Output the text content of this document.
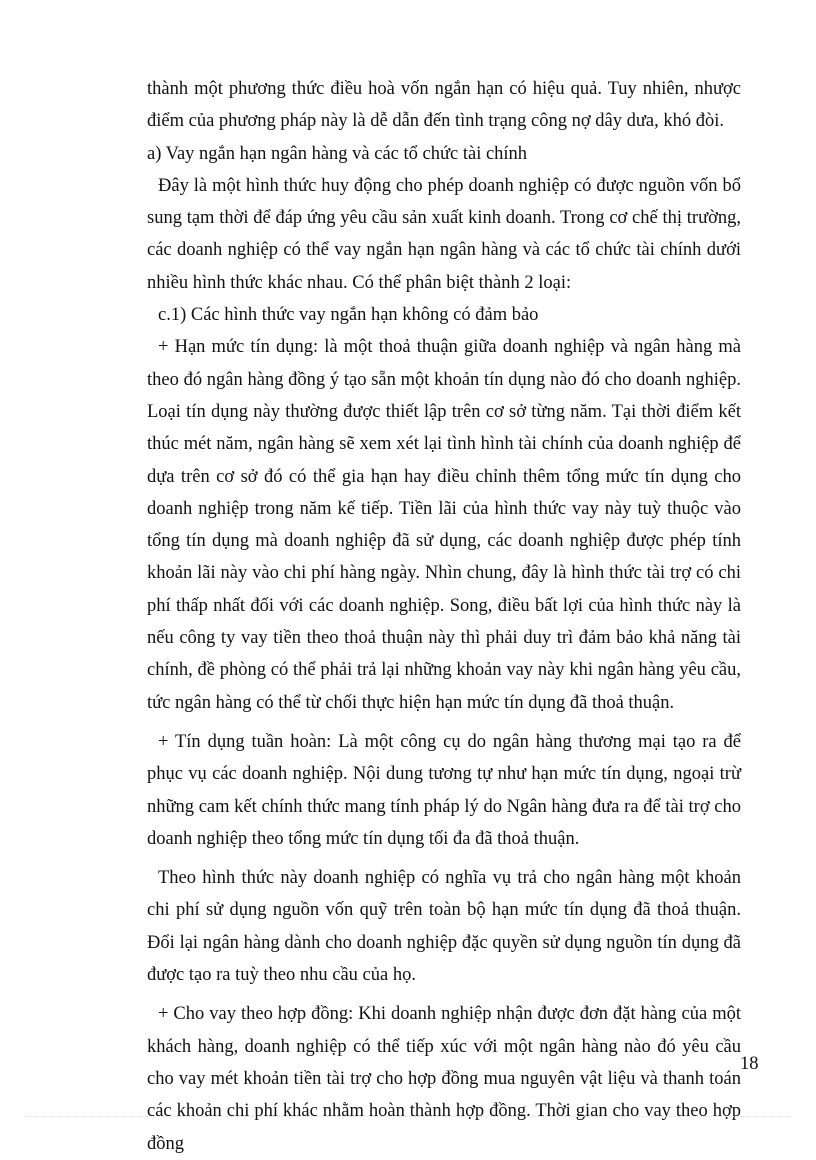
thành một phương thức điều hoà vốn ngắn hạn có hiệu quả. Tuy nhiên, nhược điểm của phương pháp này là dễ dẫn đến tình trạng công nợ dây dưa, khó đòi.

a) Vay ngắn hạn ngân hàng và các tổ chức tài chính

Đây là một hình thức huy động cho phép doanh nghiệp có được nguồn vốn bổ sung tạm thời để đáp ứng yêu cầu sản xuất kinh doanh. Trong cơ chế thị trường, các doanh nghiệp có thể vay ngắn hạn ngân hàng và các tổ chức tài chính dưới nhiều hình thức khác nhau. Có thể phân biệt thành 2 loại:

c.1) Các hình thức vay ngắn hạn không có đảm bảo

+ Hạn mức tín dụng: là một thoả thuận giữa doanh nghiệp và ngân hàng mà theo đó ngân hàng đồng ý tạo sẵn một khoản tín dụng nào đó cho doanh nghiệp. Loại tín dụng này thường được thiết lập trên cơ sở từng năm. Tại thời điểm kết thúc mét năm, ngân hàng sẽ xem xét lại tình hình tài chính của doanh nghiệp để dựa trên cơ sở đó có thể gia hạn hay điều chỉnh thêm tổng mức tín dụng cho doanh nghiệp trong năm kế tiếp. Tiền lãi của hình thức vay này tuỳ thuộc vào tổng tín dụng mà doanh nghiệp đã sử dụng, các doanh nghiệp được phép tính khoản lãi này vào chi phí hàng ngày. Nhìn chung, đây là hình thức tài trợ có chi phí thấp nhất đối với các doanh nghiệp. Song, điều bất lợi của hình thức này là nếu công ty vay tiền theo thoả thuận này thì phải duy trì đảm bảo khả năng tài chính, đề phòng có thể phải trả lại những khoản vay này khi ngân hàng yêu cầu, tức ngân hàng có thể từ chối thực hiện hạn mức tín dụng đã thoả thuận.

+ Tín dụng tuần hoàn: Là một công cụ do ngân hàng thương mại tạo ra để phục vụ các doanh nghiệp. Nội dung tương tự như hạn mức tín dụng, ngoại trừ những cam kết chính thức mang tính pháp lý do Ngân hàng đưa ra để tài trợ cho doanh nghiệp theo tổng mức tín dụng tối đa đã thoả thuận.

Theo hình thức này doanh nghiệp có nghĩa vụ trả cho ngân hàng một khoản chi phí sử dụng nguồn vốn quỹ trên toàn bộ hạn mức tín dụng đã thoả thuận. Đổi lại ngân hàng dành cho doanh nghiệp đặc quyền sử dụng nguồn tín dụng đã được tạo ra tuỳ theo nhu cầu của họ.

+ Cho vay theo hợp đồng: Khi doanh nghiệp nhận được đơn đặt hàng của một khách hàng, doanh nghiệp có thể tiếp xúc với một ngân hàng nào đó yêu cầu cho vay mét khoản tiền tài trợ cho hợp đồng mua nguyên vật liệu và thanh toán các khoản chi phí khác nhằm hoàn thành hợp đồng. Thời gian cho vay theo hợp đồng

18
